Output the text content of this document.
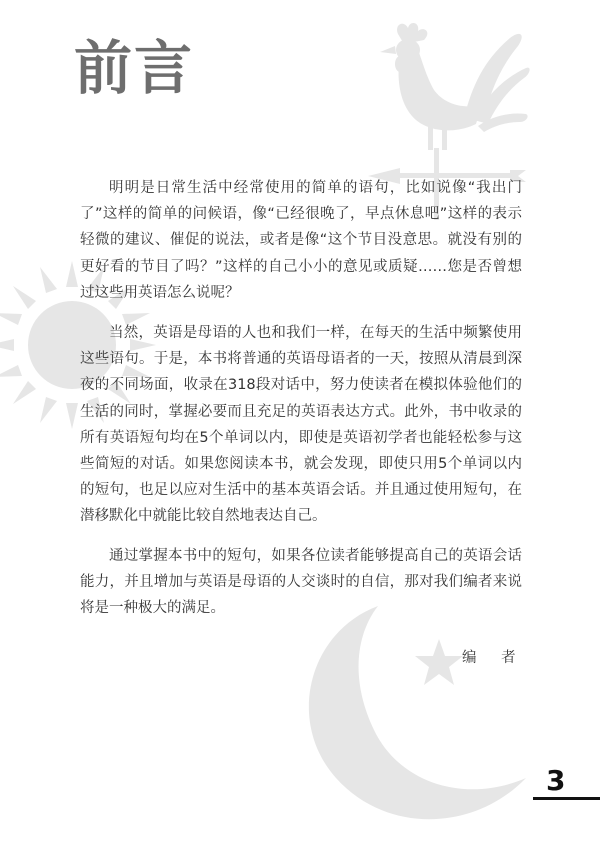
前言

明明是日常生活中经常使用的简单的语句，比如说像“我出门了”这样的简单的问候语，像“已经很晚了，早点休息吧”这样的表示轻微的建议、催促的说法，或者是像“这个节目没意思。就没有别的更好看的节目了吗？”这样的自己小小的意见或质疑……您是否曾想过这些用英语怎么说呢？

当然，英语是母语的人也和我们一样，在每天的生活中频繁使用这些语句。于是，本书将普通的英语母语者的一天，按照从清晨到深夜的不同场面，收录在318段对话中，努力使读者在模拟体验他们的生活的同时，掌握必要而且充足的英语表达方式。此外，书中收录的所有英语短句均在5个单词以内，即使是英语初学者也能轻松参与这些简短的对话。如果您阅读本书，就会发现，即使只用5个单词以内的短句，也足以应对生活中的基本英语会话。并且通过使用短句，在潜移默化中就能比较自然地表达自己。

通过掌握本书中的短句，如果各位读者能够提高自己的英语会话能力，并且增加与英语是母语的人交谈时的自信，那对我们编者来说将是一种极大的满足。

编 者

3
